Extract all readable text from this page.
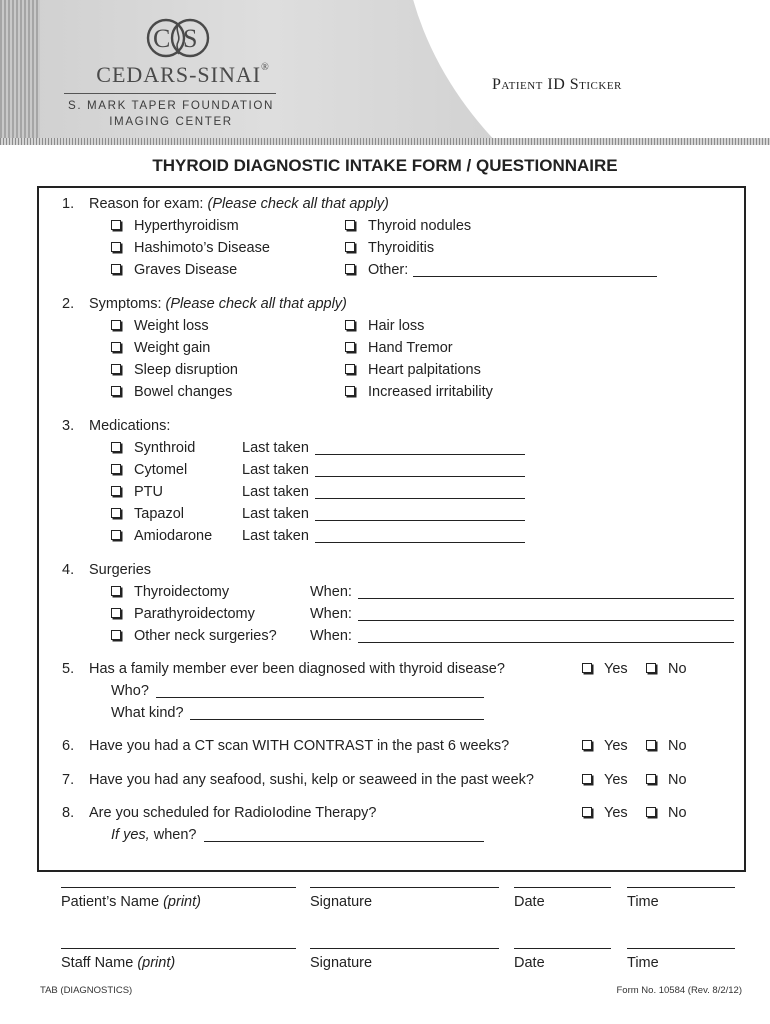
C S
CEDARS-SINAI®
S. MARK TAPER FOUNDATION
IMAGING CENTER
Patient ID Sticker
THYROID DIAGNOSTIC INTAKE FORM / QUESTIONNAIRE
1. Reason for exam: (Please check all that apply)
Hyperthyroidism	Thyroid nodules
Hashimoto’s Disease	Thyroiditis
Graves Disease	Other:
2. Symptoms: (Please check all that apply)
Weight loss	Hair loss
Weight gain	Hand Tremor
Sleep disruption	Heart palpitations
Bowel changes	Increased irritability
3. Medications:
Synthroid	Last taken
Cytomel	Last taken
PTU	Last taken
Tapazol	Last taken
Amiodarone Last taken
4. Surgeries
Thyroidectomy	When:
Parathyroidectomy	When:
Other neck surgeries? When:
5. Has a family member ever been diagnosed with thyroid disease?	Yes	No
Who?
What kind?
6. Have you had a CT scan WITH CONTRAST in the past 6 weeks?	Yes	No
7. Have you had any seafood, sushi, kelp or seaweed in the past week?	Yes	No
8. Are you scheduled for RadioIodine Therapy?	Yes	No
If yes, when?
Patient’s Name (print)	Signature	Date	Time
Staff Name (print)	Signature	Date	Time
TAB (DIAGNOSTICS)	Form No. 10584 (Rev. 8/2/12)
